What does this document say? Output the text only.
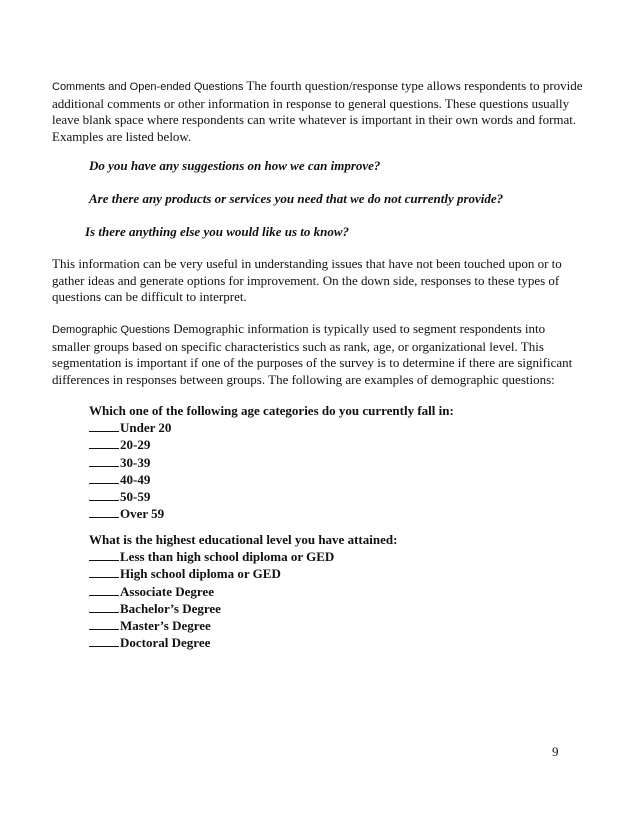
Comments and Open-ended Questions The fourth question/response type allows respondents to provide additional comments or other information in response to general questions. These questions usually leave blank space where respondents can write whatever is important in their own words and format. Examples are listed below.

Do you have any suggestions on how we can improve?

Are there any products or services you need that we do not currently provide?

Is there anything else you would like us to know?

This information can be very useful in understanding issues that have not been touched upon or to gather ideas and generate options for improvement. On the down side, responses to these types of questions can be difficult to interpret.

Demographic Questions Demographic information is typically used to segment respondents into smaller groups based on specific characteristics such as rank, age, or organizational level. This segmentation is important if one of the purposes of the survey is to determine if there are significant differences in responses between groups. The following are examples of demographic questions:

Which one of the following age categories do you currently fall in:
Under 20
20-29
30-39
40-49
50-59
Over 59
What is the highest educational level you have attained:
Less than high school diploma or GED
High school diploma or GED
Associate Degree
Bachelor’s Degree
Master’s Degree
Doctoral Degree

9
